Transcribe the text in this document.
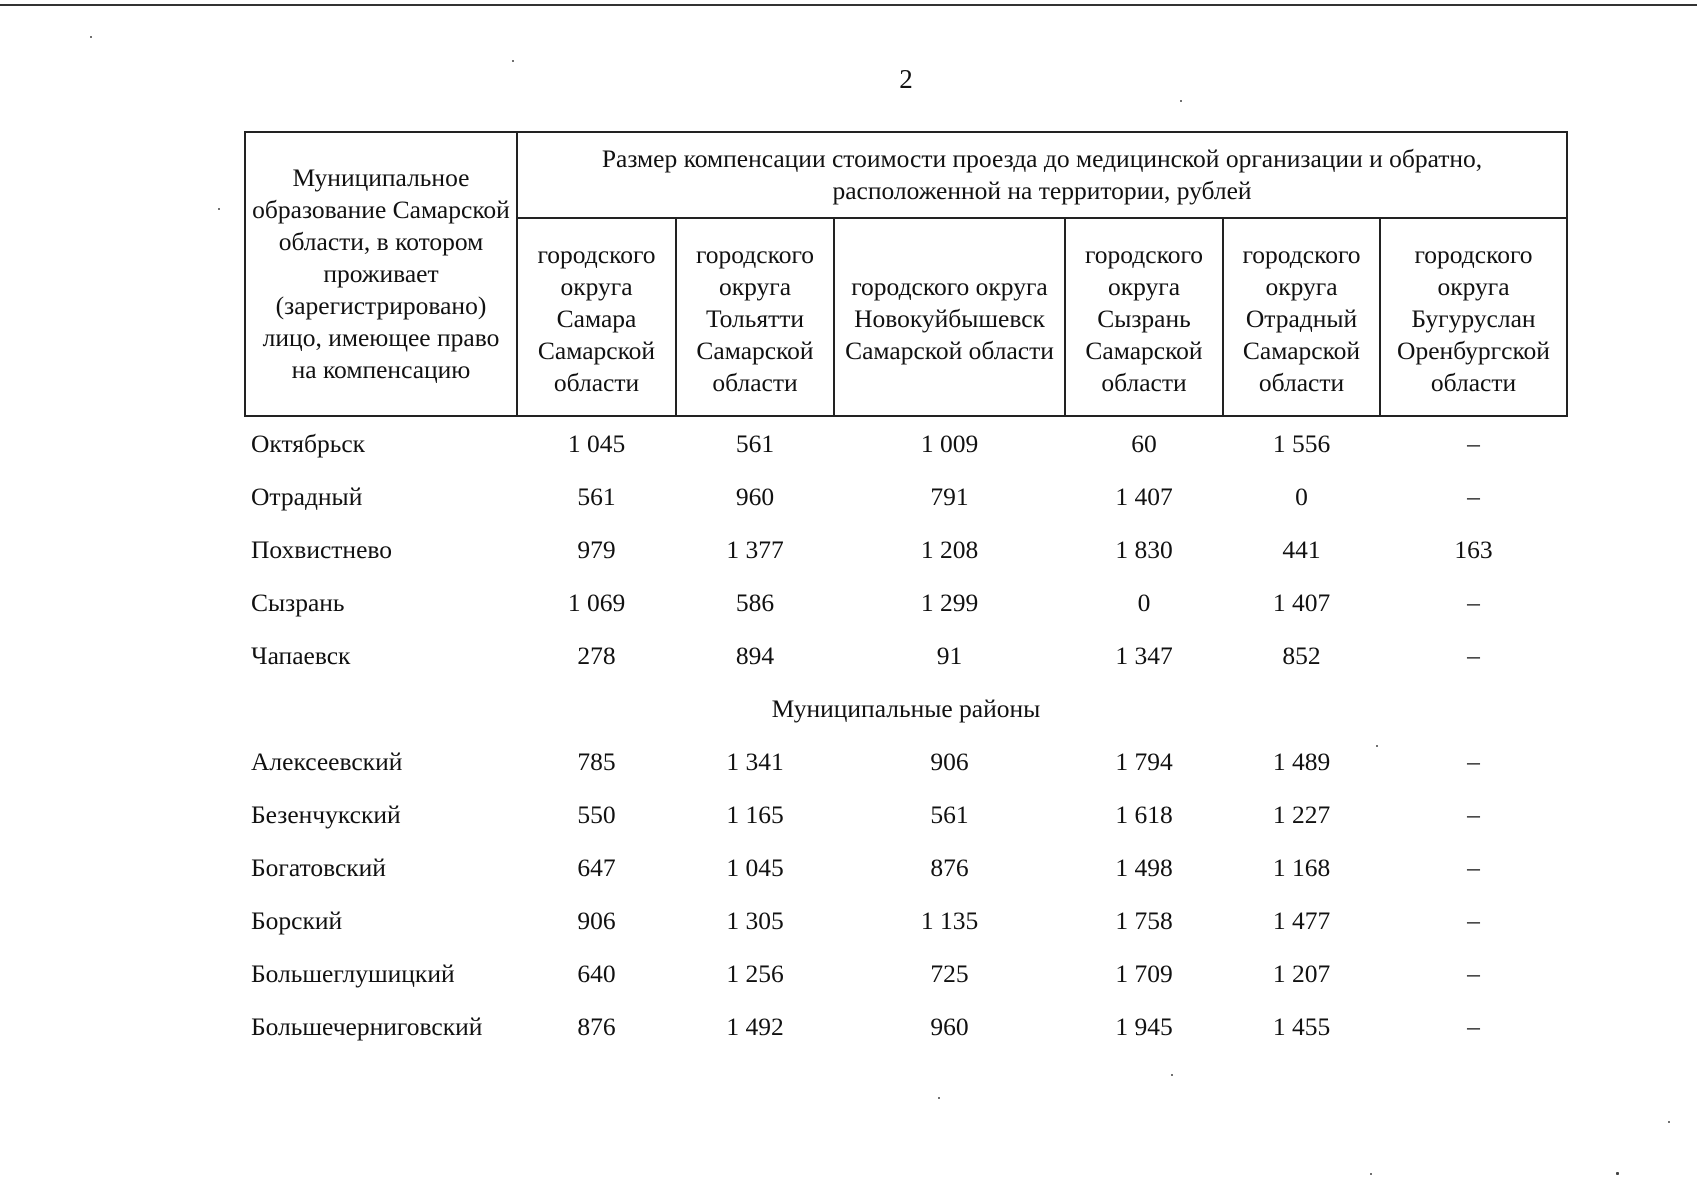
2
Муниципальное образование Самарской области, в котором проживает (зарегистрировано) лицо, имеющее право на компенсацию	Размер компенсации стоимости проезда до медицинской организации и обратно, расположенной на территории, рублей					
	городского округа Самара Самарской области	городского округа Тольятти Самарской области	городского округа Новокуйбышевск Самарской области	городского округа Сызрань Самарской области	городского округа Отрадный Самарской области	городского округа Бугуруслан Оренбургской области
Октябрьск	1 045	561	1 009	60	1 556	–
Отрадный	561	960	791	1 407	0	–
Похвистнево	979	1 377	1 208	1 830	441	163
Сызрань	1 069	586	1 299	0	1 407	–
Чапаевск	278	894	91	1 347	852	–
Муниципальные районы						
Алексеевский	785	1 341	906	1 794	1 489	–
Безенчукский	550	1 165	561	1 618	1 227	–
Богатовский	647	1 045	876	1 498	1 168	–
Борский	906	1 305	1 135	1 758	1 477	–
Большеглушицкий	640	1 256	725	1 709	1 207	–
Большечерниговский	876	1 492	960	1 945	1 455	–
